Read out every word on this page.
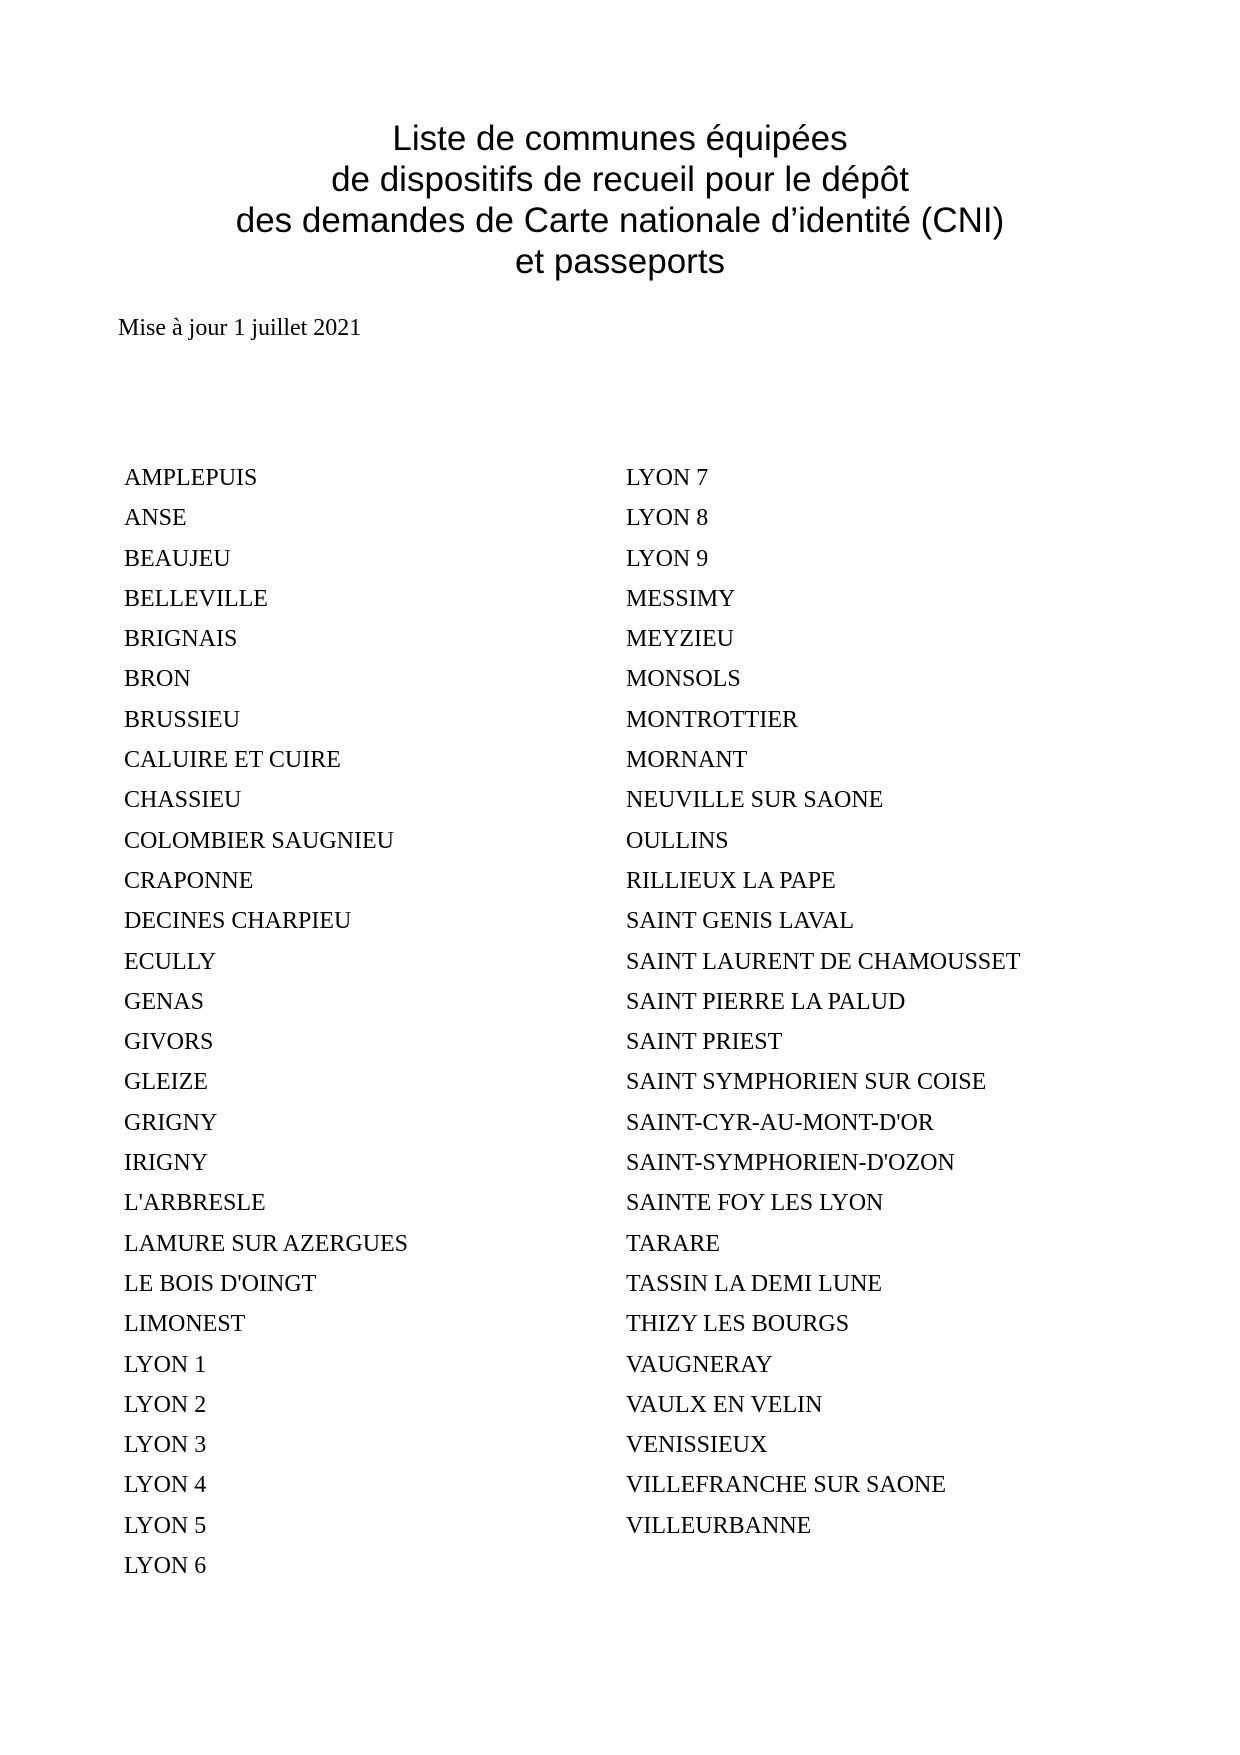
Liste de communes équipées
de dispositifs de recueil pour le dépôt
des demandes de Carte nationale d’identité (CNI)
et passeports

Mise à jour 1 juillet 2021

AMPLEPUIS
ANSE
BEAUJEU
BELLEVILLE
BRIGNAIS
BRON
BRUSSIEU
CALUIRE ET CUIRE
CHASSIEU
COLOMBIER SAUGNIEU
CRAPONNE
DECINES CHARPIEU
ECULLY
GENAS
GIVORS
GLEIZE
GRIGNY
IRIGNY
L'ARBRESLE
LAMURE SUR AZERGUES
LE BOIS D'OINGT
LIMONEST
LYON 1
LYON 2
LYON 3
LYON 4
LYON 5
LYON 6
LYON 7
LYON 8
LYON 9
MESSIMY
MEYZIEU
MONSOLS
MONTROTTIER
MORNANT
NEUVILLE SUR SAONE
OULLINS
RILLIEUX LA PAPE
SAINT GENIS LAVAL
SAINT LAURENT DE CHAMOUSSET
SAINT PIERRE LA PALUD
SAINT PRIEST
SAINT SYMPHORIEN SUR COISE
SAINT-CYR-AU-MONT-D'OR
SAINT-SYMPHORIEN-D'OZON
SAINTE FOY LES LYON
TARARE
TASSIN LA DEMI LUNE
THIZY LES BOURGS
VAUGNERAY
VAULX EN VELIN
VENISSIEUX
VILLEFRANCHE SUR SAONE
VILLEURBANNE
